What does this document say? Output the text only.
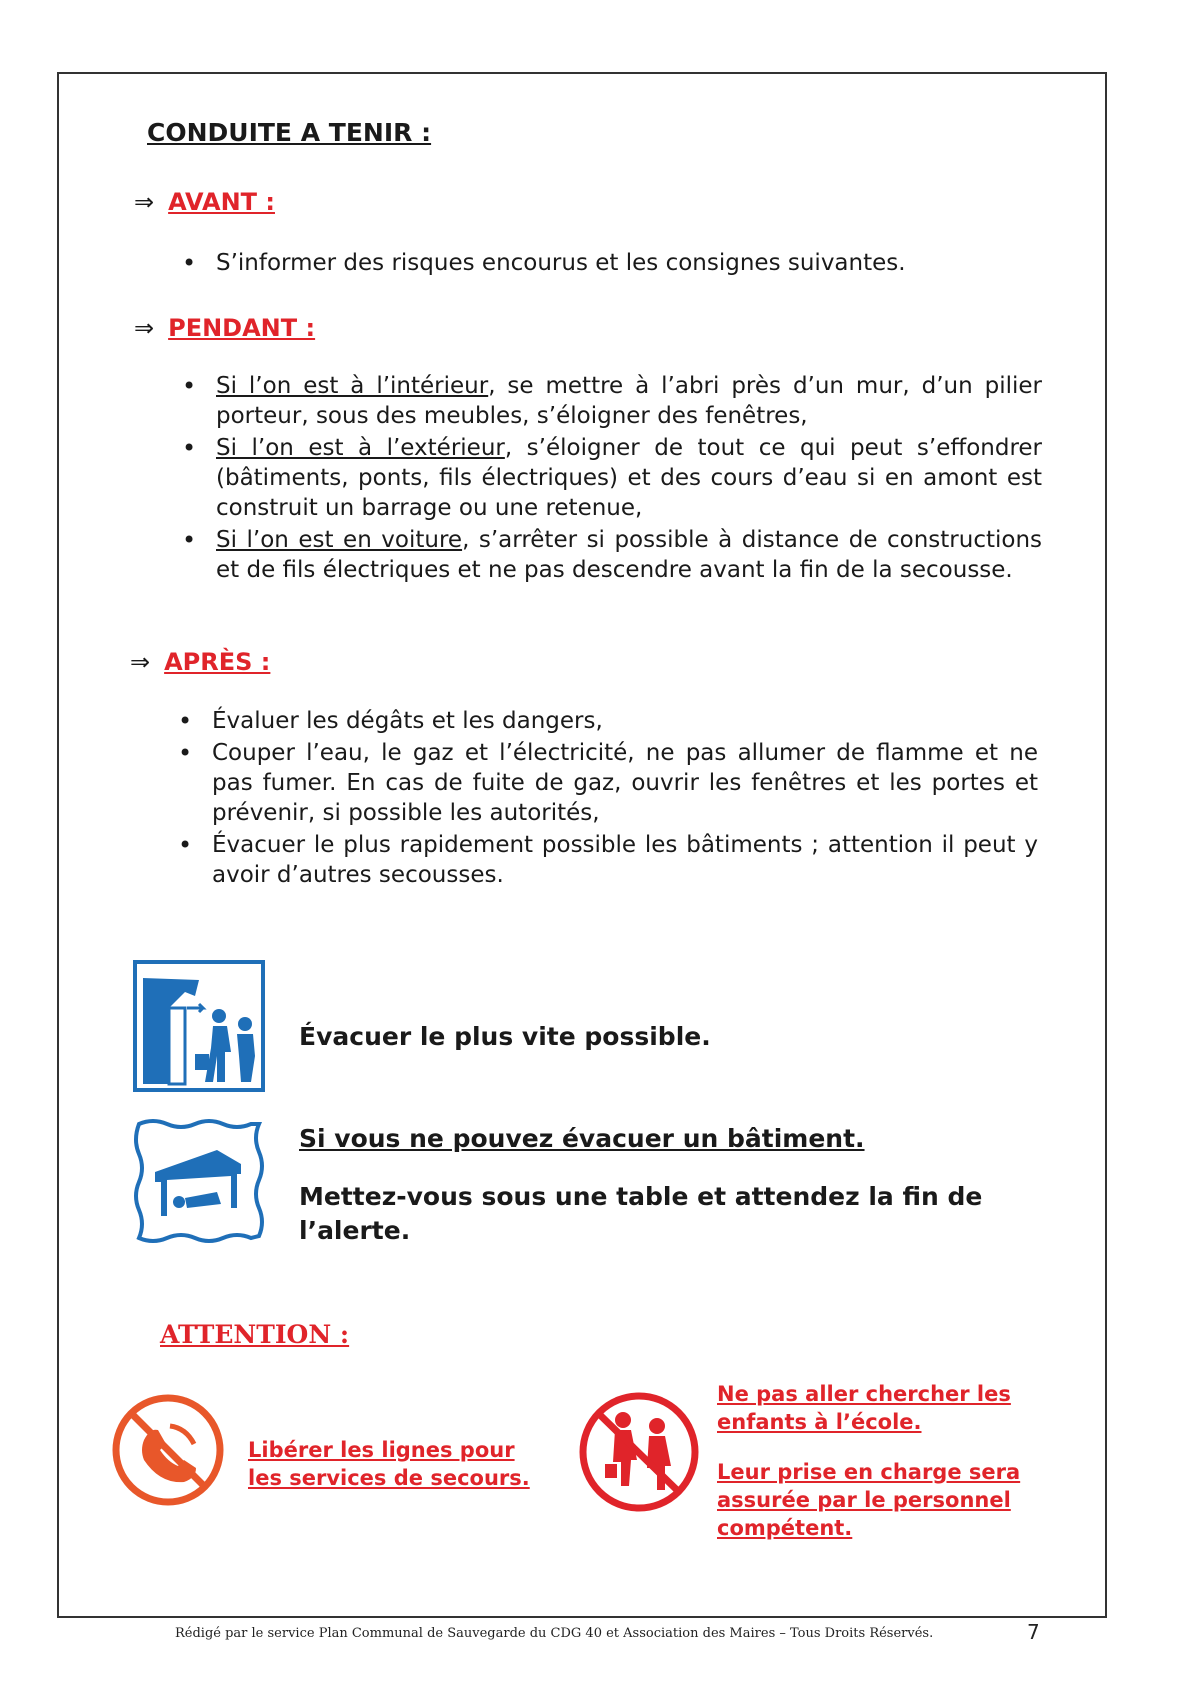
CONDUITE A TENIR :
⇒ AVANT :
• S’informer des risques encourus et les consignes suivantes.
⇒ PENDANT :
• Si l’on est à l’intérieur, se mettre à l’abri près d’un mur, d’un pilier porteur, sous des meubles, s’éloigner des fenêtres,
• Si l’on est à l’extérieur, s’éloigner de tout ce qui peut s’effondrer (bâtiments, ponts, fils électriques) et des cours d’eau si en amont est construit un barrage ou une retenue,
• Si l’on est en voiture, s’arrêter si possible à distance de constructions et de fils électriques et ne pas descendre avant la fin de la secousse.
⇒ APRÈS :
• Évaluer les dégâts et les dangers,
• Couper l’eau, le gaz et l’électricité, ne pas allumer de flamme et ne pas fumer. En cas de fuite de gaz, ouvrir les fenêtres et les portes et prévenir, si possible les autorités,
• Évacuer le plus rapidement possible les bâtiments ; attention il peut y avoir d’autres secousses.
Évacuer le plus vite possible.
Si vous ne pouvez évacuer un bâtiment.
Mettez-vous sous une table et attendez la fin de l’alerte.
ATTENTION :
Libérer les lignes pour les services de secours.
Ne pas aller chercher les enfants à l’école.
Leur prise en charge sera assurée par le personnel compétent.
Rédigé par le service Plan Communal de Sauvegarde du CDG 40 et Association des Maires – Tous Droits Réservés.	7
